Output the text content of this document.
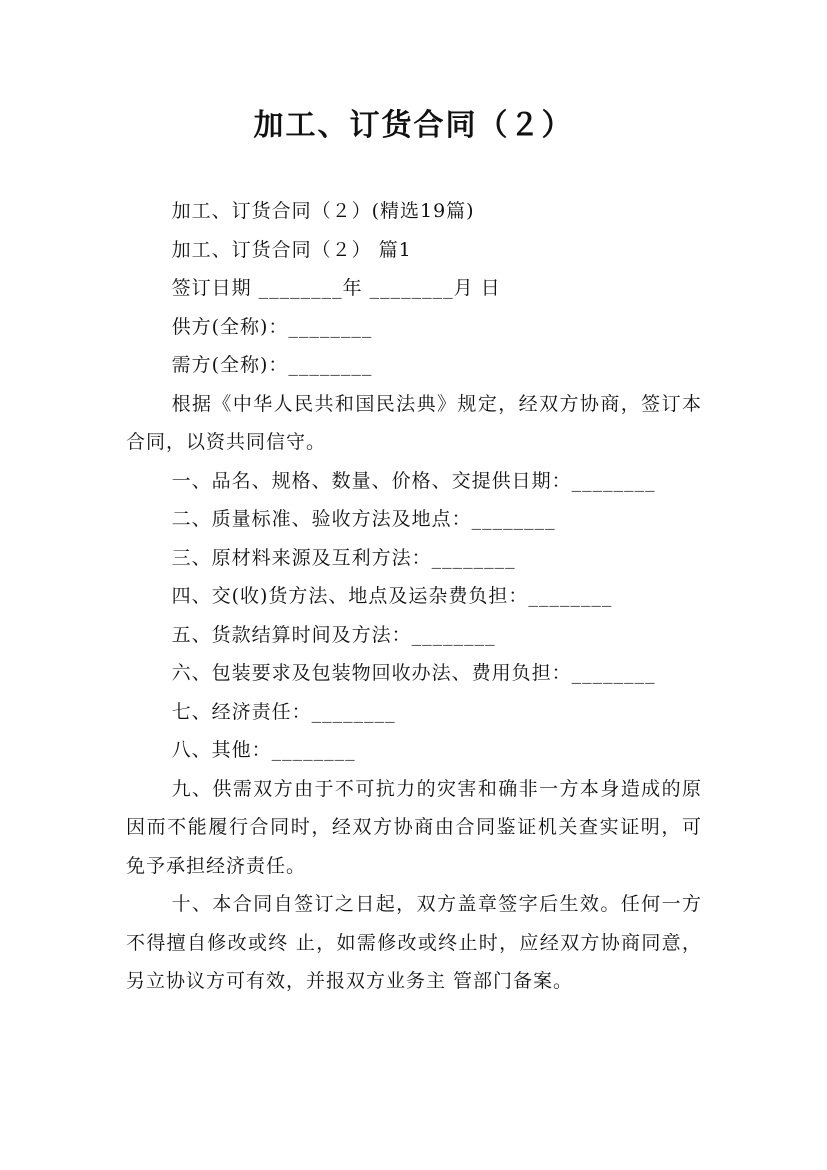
加工、订货合同（２）

加工、订货合同（２）(精选19篇)

加工、订货合同（２） 篇1

签订日期 ________年 ________月 日

供方(全称)：________

需方(全称)：________

根据《中华人民共和国民法典》规定，经双方协商，签订本合同，以资共同信守。

一、品名、规格、数量、价格、交提供日期：________

二、质量标准、验收方法及地点：________

三、原材料来源及互利方法：________

四、交(收)货方法、地点及运杂费负担：________

五、货款结算时间及方法：________

六、包装要求及包装物回收办法、费用负担：________

七、经济责任：________

八、其他：________

九、供需双方由于不可抗力的灾害和确非一方本身造成的原因而不能履行合同时，经双方协商由合同鉴证机关查实证明，可免予承担经济责任。

十、本合同自签订之日起，双方盖章签字后生效。任何一方不得擅自修改或终 止，如需修改或终止时，应经双方协商同意，另立协议方可有效，并报双方业务主 管部门备案。
